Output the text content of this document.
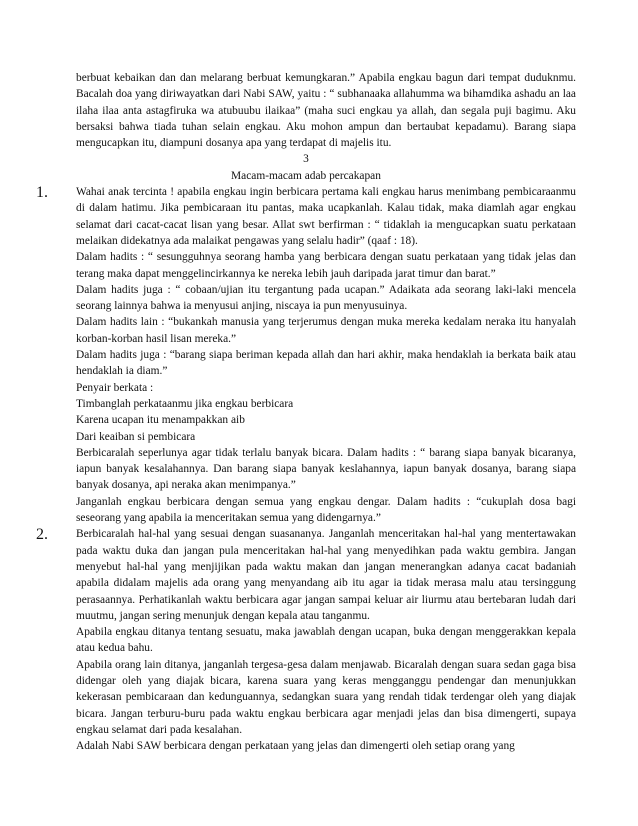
berbuat kebaikan dan dan melarang berbuat kemungkaran.” Apabila engkau bagun dari tempat duduknmu. Bacalah doa yang diriwayatkan dari Nabi SAW, yaitu : “ subhanaaka allahumma wa bihamdika ashadu an laa ilaha ilaa anta astagfiruka wa atubuubu ilaikaa” (maha suci engkau ya allah, dan segala puji bagimu. Aku bersaksi bahwa tiada tuhan selain engkau. Aku mohon ampun dan bertaubat kepadamu). Barang siapa mengucapkan itu, diampuni dosanya apa yang terdapat di majelis itu.

3

Macam-macam adab percakapan

1.	Wahai anak tercinta ! apabila engkau ingin berbicara pertama kali engkau harus menimbang pembicaraanmu di dalam hatimu. Jika pembicaraan itu pantas, maka ucapkanlah. Kalau tidak, maka diamlah agar engkau selamat dari cacat-cacat lisan yang besar. Allat swt berfirman : “ tidaklah ia mengucapkan suatu perkataan melaikan didekatnya ada malaikat pengawas yang selalu hadir” (qaaf : 18).

Dalam hadits : “ sesungguhnya seorang hamba yang berbicara dengan suatu perkataan yang tidak jelas dan terang maka dapat menggelincirkannya ke nereka lebih jauh daripada jarat timur dan barat.”

Dalam hadits juga : “ cobaan/ujian itu tergantung pada ucapan.” Adaikata ada seorang laki-laki mencela seorang lainnya bahwa ia menyusui anjing, niscaya ia pun menyusuinya.

Dalam hadits lain : “bukankah manusia yang terjerumus dengan muka mereka kedalam neraka itu hanyalah korban-korban hasil lisan mereka.”

Dalam hadits juga : “barang siapa beriman kepada allah dan hari akhir, maka hendaklah ia berkata baik atau hendaklah ia diam.”

Penyair berkata :

Timbanglah perkataanmu jika engkau berbicara

Karena ucapan itu menampakkan aib

Dari keaiban si pembicara

Berbicaralah seperlunya agar tidak terlalu banyak bicara. Dalam hadits : “ barang siapa banyak bicaranya, iapun banyak kesalahannya. Dan barang siapa banyak keslahannya, iapun banyak dosanya, barang siapa banyak dosanya, api neraka akan menimpanya.”

Janganlah engkau berbicara dengan semua yang engkau dengar. Dalam hadits : “cukuplah dosa bagi seseorang yang apabila ia menceritakan semua yang didengarnya.”

2.	Berbicaralah hal-hal yang sesuai dengan suasananya. Janganlah menceritakan hal-hal yang mentertawakan pada waktu duka dan jangan pula menceritakan hal-hal yang menyedihkan pada waktu gembira. Jangan menyebut hal-hal yang menjijikan pada waktu makan dan jangan menerangkan adanya cacat badaniah apabila didalam majelis ada orang yang menyandang aib itu agar ia tidak merasa malu atau tersinggung perasaannya. Perhatikanlah waktu berbicara agar jangan sampai keluar air liurmu atau bertebaran ludah dari muutmu, jangan sering menunjuk dengan kepala atau tanganmu.

Apabila engkau ditanya tentang sesuatu, maka jawablah dengan ucapan, buka dengan menggerakkan kepala atau kedua bahu.

Apabila orang lain ditanya, janganlah tergesa-gesa dalam menjawab. Bicaralah dengan suara sedan gaga bisa didengar oleh yang diajak bicara, karena suara yang keras mengganggu pendengar dan menunjukkan kekerasan pembicaraan dan kedunguannya, sedangkan suara yang rendah tidak terdengar oleh yang diajak bicara. Jangan terburu-buru pada waktu engkau berbicara agar menjadi jelas dan bisa dimengerti, supaya engkau selamat dari pada kesalahan.

Adalah Nabi SAW berbicara dengan perkataan yang jelas dan dimengerti oleh setiap orang yang
